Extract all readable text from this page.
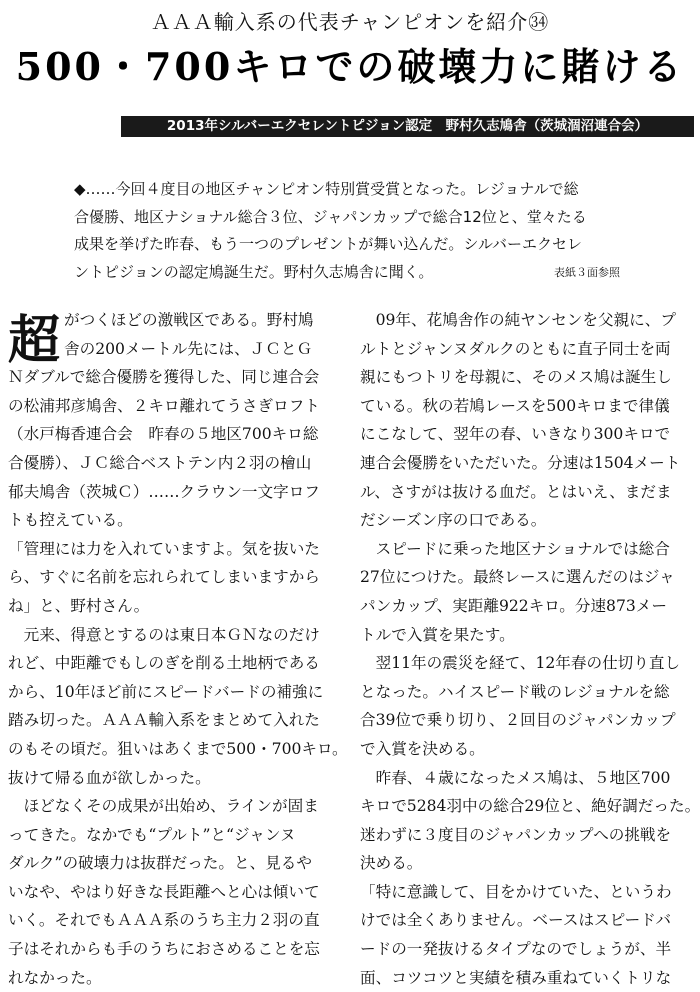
ＡＡＡ輸入系の代表チャンピオンを紹介㉞
500・700キロでの破壊力に賭ける
2013年シルバーエクセレントピジョン認定　野村久志鳩舎（茨城涸沼連合会）
◆……今回４度目の地区チャンピオン特別賞受賞となった。レジョナルで総
合優勝、地区ナショナル総合３位、ジャパンカップで総合12位と、堂々たる
成果を挙げた昨春、もう一つのプレゼントが舞い込んだ。シルバーエクセレ
ントピジョンの認定鳩誕生だ。野村久志鳩舎に聞く。	表紙３面参照
超 がつくほどの激戦区である。野村鳩
舎の200メートル先には、ＪＣとＧ
Ｎダブルで総合優勝を獲得した、同じ連合会
の松浦邦彦鳩舎、２キロ離れてうさぎロフト
（水戸梅香連合会　昨春の５地区700キロ総
合優勝）、ＪＣ総合ベストテン内２羽の檜山
郁夫鳩舎（茨城Ｃ）……クラウン一文字ロフ
トも控えている。
「管理には力を入れていますよ。気を抜いた
ら、すぐに名前を忘れられてしまいますから
ね」と、野村さん。
　元来、得意とするのは東日本ＧＮなのだけ
れど、中距離でもしのぎを削る土地柄である
から、10年ほど前にスピードバードの補強に
踏み切った。ＡＡＡ輸入系をまとめて入れた
のもその頃だ。狙いはあくまで500・700キロ。
抜けて帰る血が欲しかった。
　ほどなくその成果が出始め、ラインが固ま
ってきた。なかでも“プルト”と“ジャンヌ
ダルク”の破壊力は抜群だった。と、見るや
いなや、やはり好きな長距離へと心は傾いて
いく。それでもＡＡＡ系のうち主力２羽の直
子はそれからも手のうちにおさめることを忘
れなかった。
　09年、花鳩舎作の純ヤンセンを父親に、プ
ルトとジャンヌダルクのともに直子同士を両
親にもつトリを母親に、そのメス鳩は誕生し
ている。秋の若鳩レースを500キロまで律儀
にこなして、翌年の春、いきなり300キロで
連合会優勝をいただいた。分速は1504メート
ル、さすがは抜ける血だ。とはいえ、まだま
だシーズン序の口である。
　スピードに乗った地区ナショナルでは総合
27位につけた。最終レースに選んだのはジャ
パンカップ、実距離922キロ。分速873メー
トルで入賞を果たす。
　翌11年の震災を経て、12年春の仕切り直し
となった。ハイスピード戦のレジョナルを総
合39位で乗り切り、２回目のジャパンカップ
で入賞を決める。
　昨春、４歳になったメス鳩は、５地区700
キロで5284羽中の総合29位と、絶好調だった。
迷わずに３度目のジャパンカップへの挑戦を
決める。
「特に意識して、目をかけていた、というわ
けでは全くありません。ベースはスピードバ
ードの一発抜けるタイプなのでしょうが、半
面、コツコツと実績を積み重ねていくトリな
